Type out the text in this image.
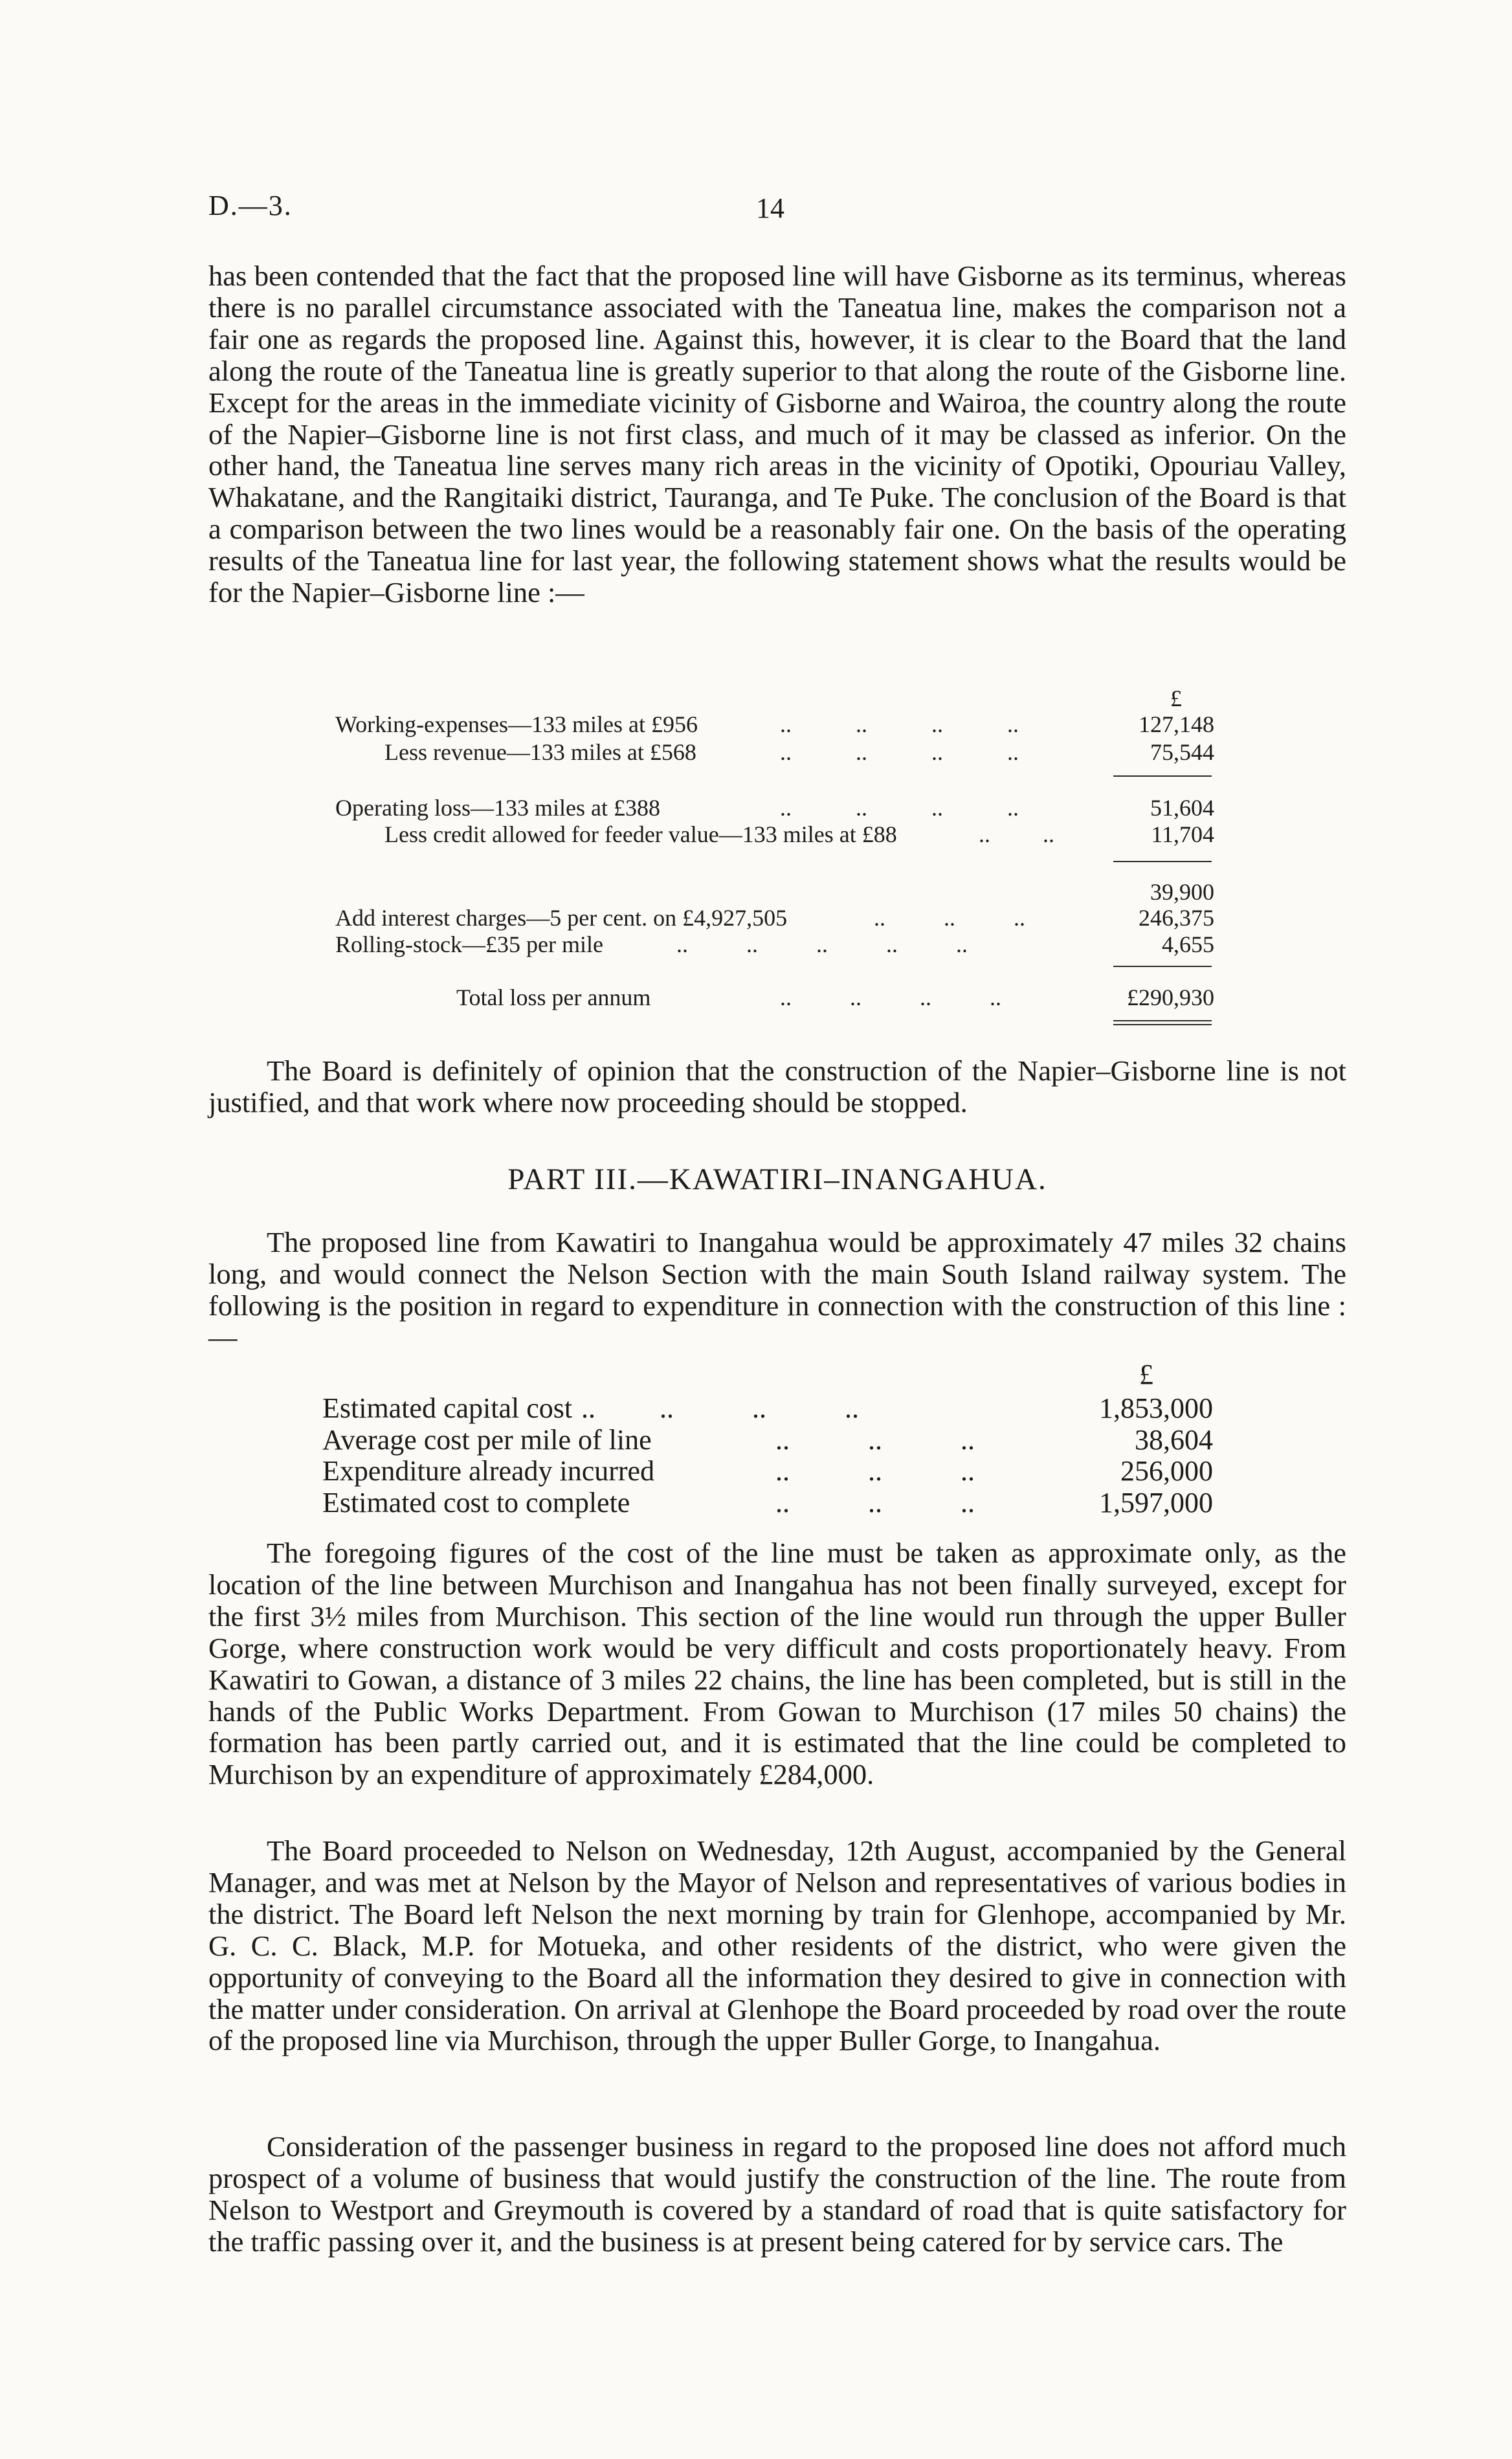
D.—3.	14

has been contended that the fact that the proposed line will have Gisborne as its terminus, whereas there is no parallel circumstance associated with the Taneatua line, makes the comparison not a fair one as regards the proposed line. Against this, however, it is clear to the Board that the land along the route of the Taneatua line is greatly superior to that along the route of the Gisborne line. Except for the areas in the immediate vicinity of Gisborne and Wairoa, the country along the route of the Napier–Gisborne line is not first class, and much of it may be classed as inferior. On the other hand, the Taneatua line serves many rich areas in the vicinity of Opotiki, Opouriau Valley, Whakatane, and the Rangitaiki district, Tauranga, and Te Puke. The conclusion of the Board is that a comparison between the two lines would be a reasonably fair one. On the basis of the operating results of the Taneatua line for last year, the following statement shows what the results would be for the Napier–Gisborne line :—

£
Working-expenses—133 miles at £956	..           ..           ..           ..	127,148
Less revenue—133 miles at £568	..           ..           ..           ..	75,544
Operating loss—133 miles at £388	..           ..           ..           ..	51,604
Less credit allowed for feeder value—133 miles at £88	..         ..	11,704
39,900
Add interest charges—5 per cent. on £4,927,505	..          ..          ..	246,375
Rolling-stock—£35 per mile	..          ..          ..          ..          ..	4,655
Total loss per annum	..          ..          ..          ..	£290,930

The Board is definitely of opinion that the construction of the Napier–Gisborne line is not justified, and that work where now proceeding should be stopped.

PART III.—KAWATIRI–INANGAHUA.

The proposed line from Kawatiri to Inangahua would be approximately 47 miles 32 chains long, and would connect the Nelson Section with the main South Island railway system. The following is the position in regard to expenditure in connection with the construction of this line :—

£
Estimated capital cost ..         ..           ..           ..	1,853,000
Average cost per mile of line	..           ..           ..	38,604
Expenditure already incurred	..           ..           ..	256,000
Estimated cost to complete	..           ..           ..	1,597,000

The foregoing figures of the cost of the line must be taken as approximate only, as the location of the line between Murchison and Inangahua has not been finally surveyed, except for the first 3½ miles from Murchison. This section of the line would run through the upper Buller Gorge, where construction work would be very difficult and costs proportionately heavy. From Kawatiri to Gowan, a distance of 3 miles 22 chains, the line has been completed, but is still in the hands of the Public Works Department. From Gowan to Murchison (17 miles 50 chains) the formation has been partly carried out, and it is estimated that the line could be completed to Murchison by an expenditure of approximately £284,000.

The Board proceeded to Nelson on Wednesday, 12th August, accompanied by the General Manager, and was met at Nelson by the Mayor of Nelson and representatives of various bodies in the district. The Board left Nelson the next morning by train for Glenhope, accompanied by Mr. G. C. C. Black, M.P. for Motueka, and other residents of the district, who were given the opportunity of conveying to the Board all the information they desired to give in connection with the matter under consideration. On arrival at Glenhope the Board proceeded by road over the route of the proposed line via Murchison, through the upper Buller Gorge, to Inangahua.

Consideration of the passenger business in regard to the proposed line does not afford much prospect of a volume of business that would justify the construction of the line. The route from Nelson to Westport and Greymouth is covered by a standard of road that is quite satisfactory for the traffic passing over it, and the business is at present being catered for by service cars. The
